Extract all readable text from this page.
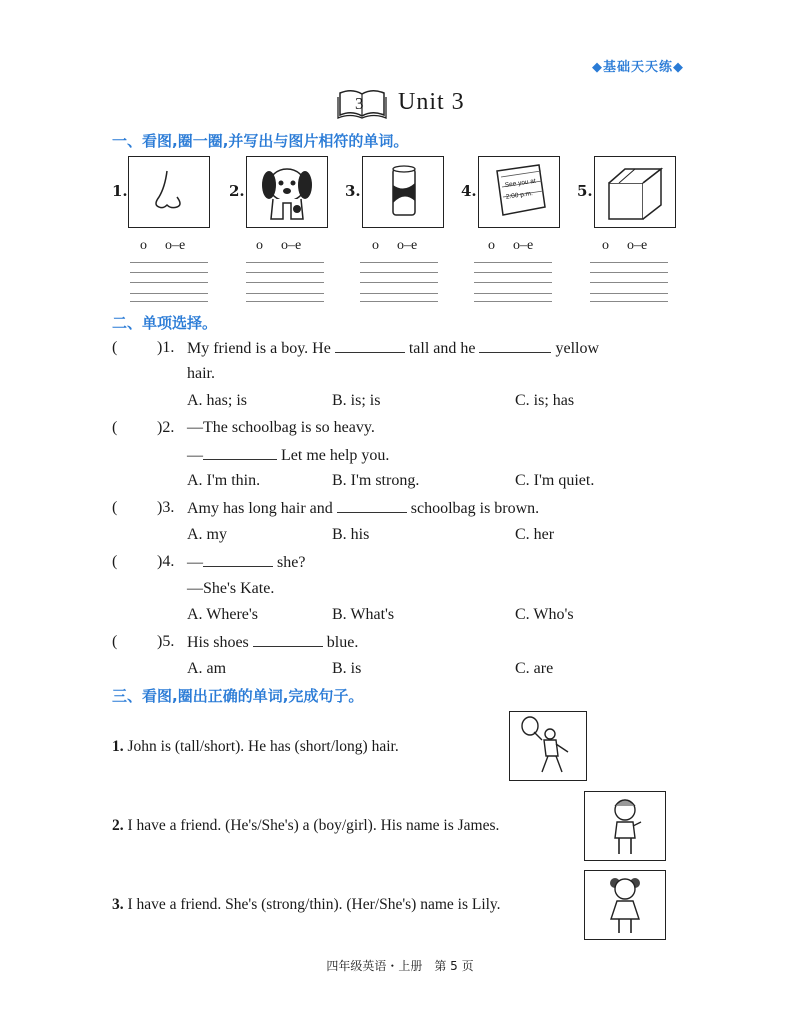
◆基础天天练◆
3 Unit 3
一、看图,圈一圈,并写出与图片相符的单词。
1.	2.	3.	4.	See you at
2:00 p.m.	5.
o o–e	o o–e	o o–e	o o–e	o o–e
二、单项选择。
( )1. My friend is a boy. He	tall and he	yellow
hair.
A. has; is	B. is; is	C. is; has
( )2. —The schoolbag is so heavy.
—	Let me help you.
A. I'm thin.	B. I'm strong.	C. I'm quiet.
( )3. Amy has long hair and	schoolbag is brown.
A. my	B. his	C. her
( )4. —	she?
—She's Kate.
A. Where's	B. What's	C. Who's
( )5. His shoes	blue.
A. am	B. is	C. are
三、看图,圈出正确的单词,完成句子。
1. John is (tall/short). He has (short/long) hair.
2. I have a friend. (He's/She's) a (boy/girl). His name is James.
3. I have a friend. She's (strong/thin). (Her/She's) name is Lily.
四年级英语・上册　第 5 页
